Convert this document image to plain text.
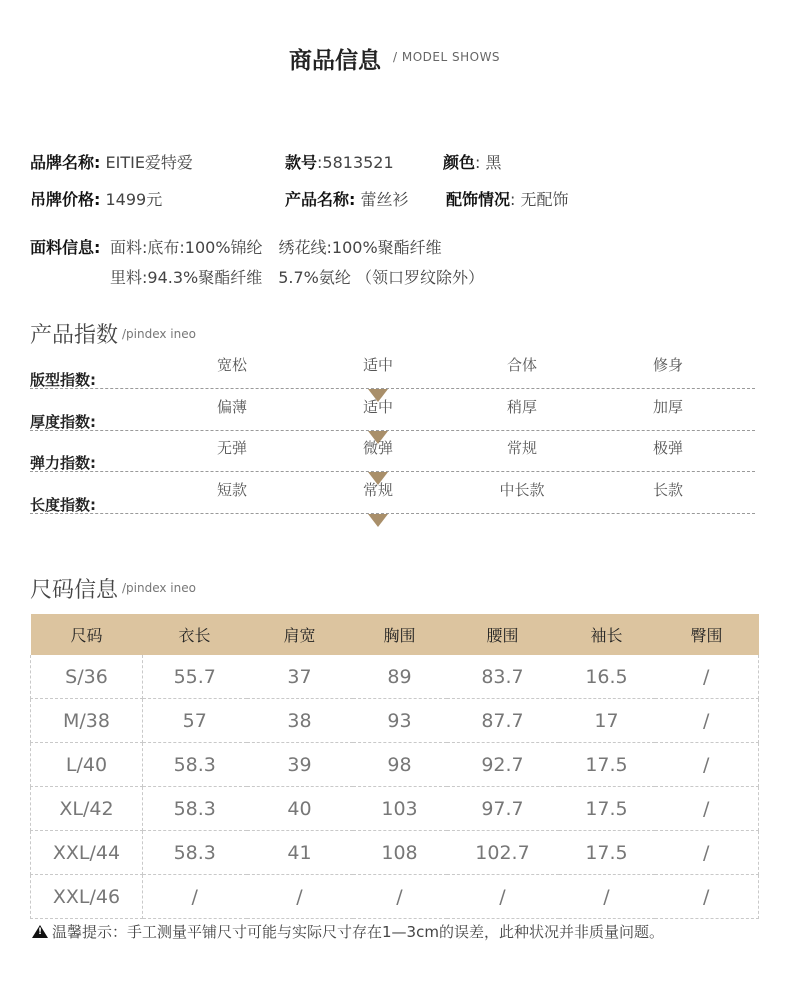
商品信息 / MODEL SHOWS
品牌名称: EITIE爱特爱	款号:5813521	颜色: 黑
吊牌价格: 1499元	产品名称: 蕾丝衫 配饰情况: 无配饰
面料信息: 面料:底布:100%锦纶　绣花线:100%聚酯纤维
里料:94.3%聚酯纤维　5.7%氨纶 （领口罗纹除外）
产品指数 /pindex ineo
版型指数:
宽松	适中	合体	修身
厚度指数:
偏薄	适中	稍厚	加厚
弹力指数:
无弹	微弹	常规	极弹
长度指数:
短款	常规	中长款	长款
尺码信息 /pindex ineo
尺码	衣长	肩宽	胸围	腰围	袖长	臀围
S/36	55.7	37	89	83.7	16.5	/
M/38	57	38	93	87.7	17	/
L/40	58.3	39	98	92.7	17.5	/
XL/42	58.3	40	103	97.7	17.5	/
XXL/44	58.3	41	108	102.7	17.5	/
XXL/46	/	/	/	/	/	/
!温馨提示：手工测量平铺尺寸可能与实际尺寸存在1—3cm的误差，此种状况并非质量问题。
